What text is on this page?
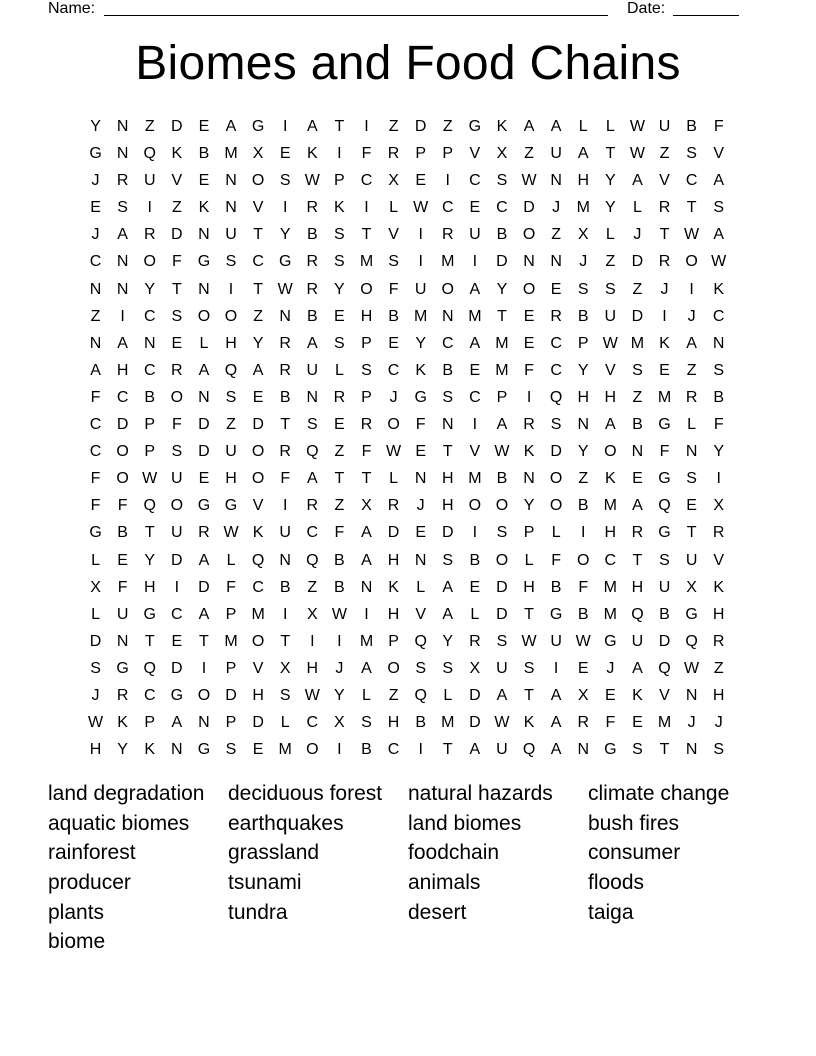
Name:	Date:
Biomes and Food Chains
Y N	Z	D E	A G	I	A	T	I	Z	D	Z G K	A	A	L	L W U B	F
G N Q K	B M X	E	K	I	F	R P	P	V	X	Z	U A	T W Z	S	V
J	R U V	E N O S W P C X	E	I	C S W N H Y	A	V C A
E	S	I	Z	K N V	I	R K	I	L W C E C D	J	M Y	L	R	T	S
J	A R D N U	T	Y	B	S	T	V	I	R U B O Z	X	L	J	T W A
C N O F G S C G R S M S	I	M	I	D N N	J	Z	D R O W
N N Y	T	N	I	T W R Y O F	U O A	Y O E	S	S	Z	J	I	K
Z	I	C S O O Z	N B	E H B M N M T	E R B U D	I	J	C
N A N E	L	H Y R A	S	P	E	Y C A M E C P W M K	A N
A H C R A Q A R U	L	S C K	B	E M F	C Y	V	S	E	Z	S
F	C B O N S	E	B N R P	J	G S C P	I	Q H H	Z M R B
C D P	F	D	Z	D	T	S	E R O F	N	I	A R S N A	B G	L	F
C O P	S D U O R Q Z	F W E	T	V W K D Y O N	F	N Y
F O W U E H O F	A	T	T	L	N H M B N O Z	K	E G S	I
F	F Q O G G V	I	R	Z	X R	J	H O O Y O B M A Q E	X
G B	T	U R W K U C	F	A D E D	I	S	P	L	I	H R G T	R
L	E	Y D A	L	Q N Q B	A H N S	B O	L	F O C	T	S U V
X	F	H	I	D	F	C B	Z	B N K	L	A	E D H B	F M H U X	K
L	U G C A	P M	I	X W	I	H V	A	L	D	T G B M Q B G H
D N	T	E	T M O T	I	I	M P Q Y R S W U W G U D Q R
S G Q D	I	P	V	X H	J	A O S	S	X U S	I	E	J	A Q W Z
J	R C G O D H S W Y	L	Z Q	L	D A	T	A	X	E	K	V N H
W K	P	A N P D	L	C X	S H B M D W K	A R	F	E M	J	J
H Y	K N G S	E M O	I	B C	I	T	A U Q A N G S	T	N S
land degradation	deciduous forest	natural hazards	climate change
aquatic biomes	earthquakes	land biomes	bush fires
rainforest	grassland	foodchain	consumer
producer	tsunami	animals	floods
plants	tundra	desert	taiga
biome
